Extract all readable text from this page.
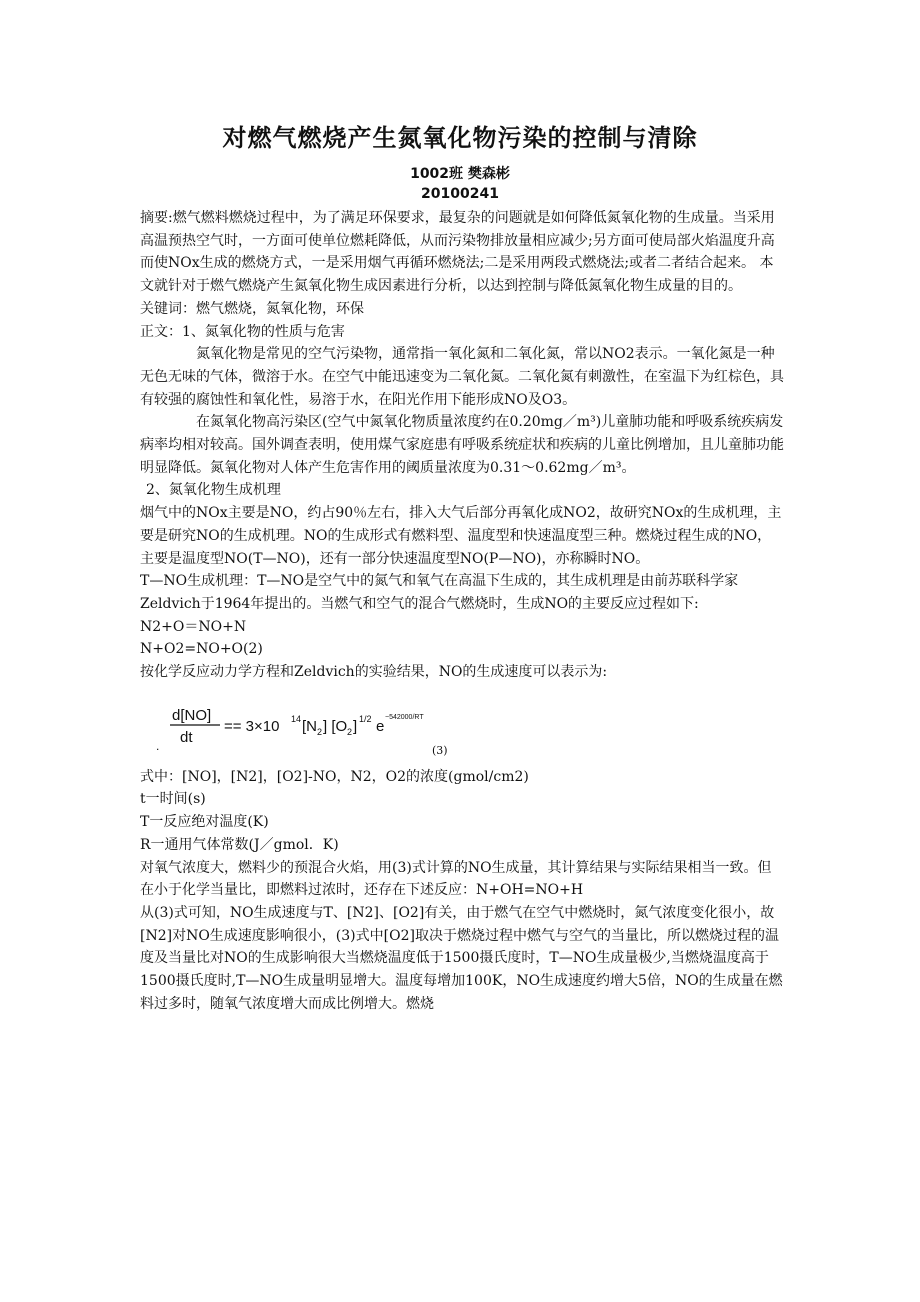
对燃气燃烧产生氮氧化物污染的控制与清除
1002班 樊森彬
20100241

摘要:燃气燃料燃烧过程中，为了满足环保要求，最复杂的问题就是如何降低氮氧化物的生成量。当采用高温预热空气时，一方面可使单位燃耗降低，从而污染物排放量相应减少;另方面可使局部火焰温度升高而使NOx生成的燃烧方式，一是采用烟气再循环燃烧法;二是采用两段式燃烧法;或者二者结合起来。 本文就针对于燃气燃烧产生氮氧化物生成因素进行分析，以达到控制与降低氮氧化物生成量的目的。

关键词：燃气燃烧，氮氧化物，环保

正文：1、氮氧化物的性质与危害

氮氧化物是常见的空气污染物，通常指一氧化氮和二氧化氮，常以NO2表示。一氧化氮是一种无色无味的气体，微溶于水。在空气中能迅速变为二氧化氮。二氧化氮有刺激性，在室温下为红棕色，具有较强的腐蚀性和氧化性，易溶于水，在阳光作用下能形成NO及O3。

在氮氧化物高污染区(空气中氮氧化物质量浓度约在0.20mg／m³)儿童肺功能和呼吸系统疾病发病率均相对较高。国外调查表明，使用煤气家庭患有呼吸系统症状和疾病的儿童比例增加，且儿童肺功能明显降低。氮氧化物对人体产生危害作用的阈质量浓度为0.31～0.62mg／m³。

2、氮氧化物生成机理

烟气中的NOx主要是NO，约占90％左右，排入大气后部分再氧化成NO2，故研究NOx的生成机理，主要是研究NO的生成机理。NO的生成形式有燃料型、温度型和快速温度型三种。燃烧过程生成的NO，主要是温度型NO(T—NO)，还有一部分快速温度型NO(P—NO)，亦称瞬时NO。

T—NO生成机理：T—NO是空气中的氮气和氧气在高温下生成的，其生成机理是由前苏联科学家Zeldvich于1964年提出的。当燃气和空气的混合气燃烧时，生成NO的主要反应过程如下:

N2+O＝NO+N

N+O2=NO+O(2)

按化学反应动力学方程和Zeldvich的实验结果，NO的生成速度可以表示为:

.
d[NO]
dt
== 3×10 14 [N 2 ] [O 2 ] 1/2 e
−542000/RT
(3)

式中：[NO]，[N2]，[O2]-NO，N2，O2的浓度(gmol/cm2)

t一时间(s)

T一反应绝对温度(K)

R一通用气体常数(J／gmol．K)

对氧气浓度大，燃料少的预混合火焰，用(3)式计算的NO生成量，其计算结果与实际结果相当一致。但在小于化学当量比，即燃料过浓时，还存在下述反应：N+OH=NO+H

从(3)式可知，NO生成速度与T、[N2]、[O2]有关，由于燃气在空气中燃烧时，氮气浓度变化很小，故[N2]对NO生成速度影响很小，(3)式中[O2]取决于燃烧过程中燃气与空气的当量比，所以燃烧过程的温度及当量比对NO的生成影响很大当燃烧温度低于1500摄氏度时，T—NO生成量极少,当燃烧温度高于1500摄氏度时,T—NO生成量明显增大。温度每增加100K，NO生成速度约增大5倍，NO的生成量在燃料过多时，随氧气浓度增大而成比例增大。燃烧
